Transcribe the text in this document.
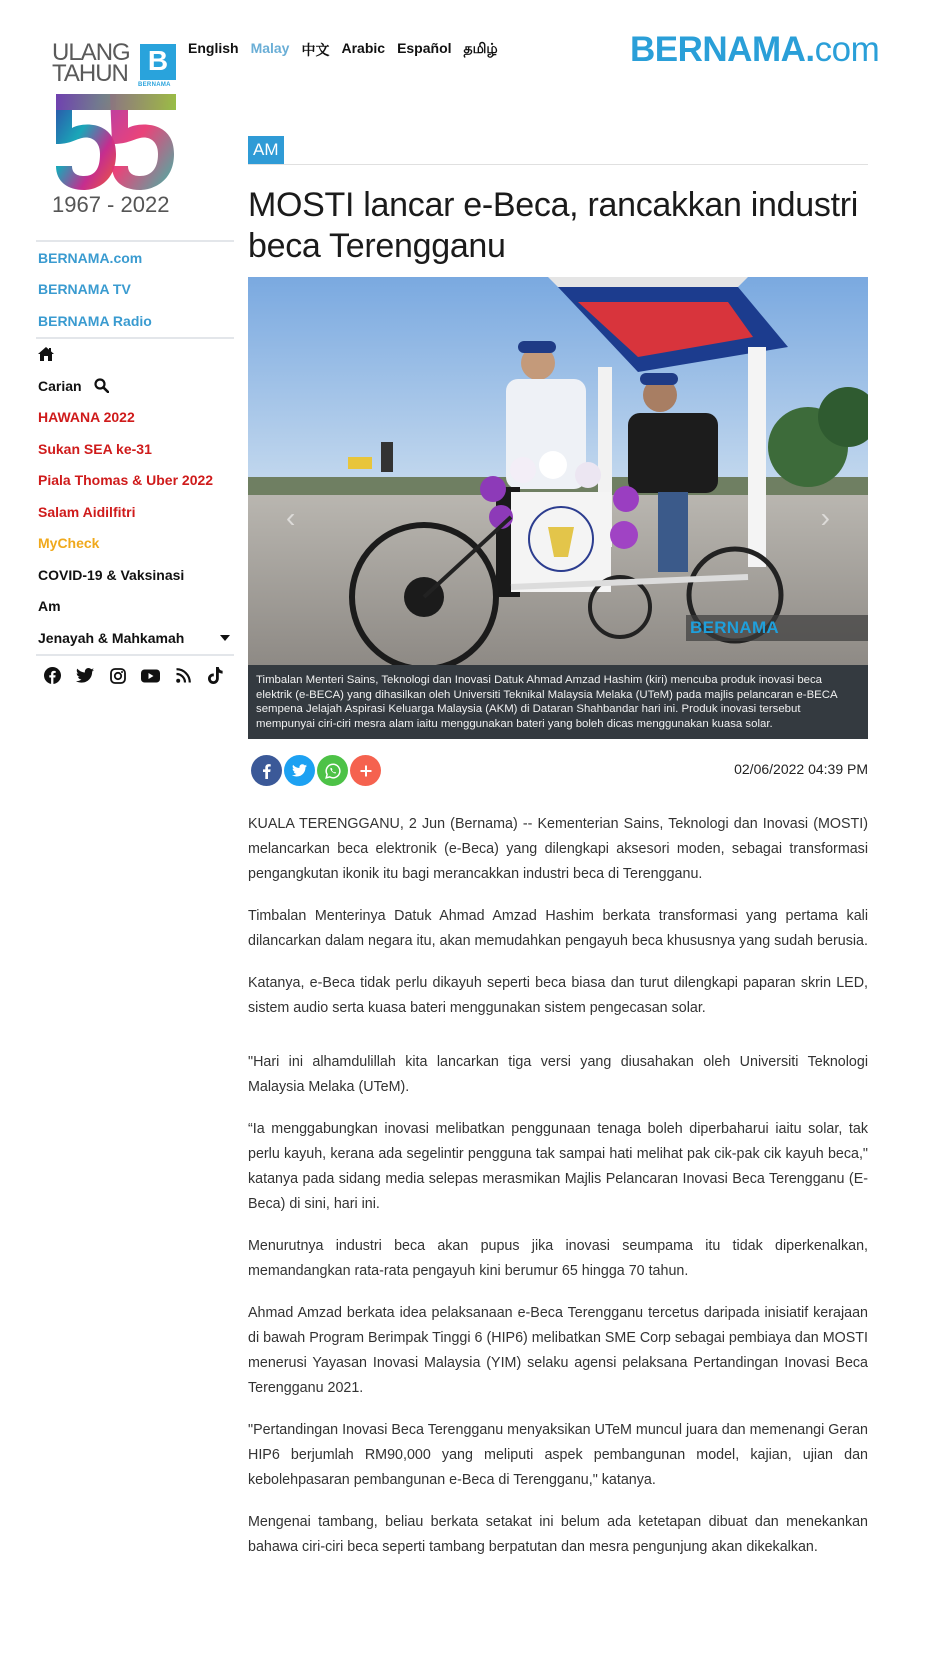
ULANG
TAHUN B
BERNAMA
1967 - 2022
English Malay 中文 Arabic Español தமிழ்	BERNAMA.com
BERNAMA.com
BERNAMA TV
BERNAMA Radio
Carian
HAWANA 2022
Sukan SEA ke-31
Piala Thomas & Uber 2022
Salam Aidilfitri
MyCheck
COVID-19 & Vaksinasi
Am
Jenayah & Mahkamah
AM
MOSTI lancar e-Beca, rancakkan industri beca Terengganu
‹	›
BERNAMA
Timbalan Menteri Sains, Teknologi dan Inovasi Datuk Ahmad Amzad Hashim (kiri) mencuba produk inovasi beca elektrik (e-BECA) yang dihasilkan oleh Universiti Teknikal Malaysia Melaka (UTeM) pada majlis pelancaran e-BECA sempena Jelajah Aspirasi Keluarga Malaysia (AKM) di Dataran Shahbandar hari ini. Produk inovasi tersebut mempunyai ciri-ciri mesra alam iaitu menggunakan bateri yang boleh dicas menggunakan kuasa solar.
02/06/2022 04:39 PM

KUALA TERENGGANU, 2 Jun (Bernama) -- Kementerian Sains, Teknologi dan Inovasi (MOSTI) melancarkan beca elektronik (e-Beca) yang dilengkapi aksesori moden, sebagai transformasi pengangkutan ikonik itu bagi merancakkan industri beca di Terengganu.

Timbalan Menterinya Datuk Ahmad Amzad Hashim berkata transformasi yang pertama kali dilancarkan dalam negara itu, akan memudahkan pengayuh beca khususnya yang sudah berusia.

Katanya, e-Beca tidak perlu dikayuh seperti beca biasa dan turut dilengkapi paparan skrin LED, sistem audio serta kuasa bateri menggunakan sistem pengecasan solar.

"Hari ini alhamdulillah kita lancarkan tiga versi yang diusahakan oleh Universiti Teknologi Malaysia Melaka (UTeM).

“Ia menggabungkan inovasi melibatkan penggunaan tenaga boleh diperbaharui iaitu solar, tak perlu kayuh, kerana ada segelintir pengguna tak sampai hati melihat pak cik-pak cik kayuh beca," katanya pada sidang media selepas merasmikan Majlis Pelancaran Inovasi Beca Terengganu (E-Beca) di sini, hari ini.

Menurutnya industri beca akan pupus jika inovasi seumpama itu tidak diperkenalkan, memandangkan rata-rata pengayuh kini berumur 65 hingga 70 tahun.

Ahmad Amzad berkata idea pelaksanaan e-Beca Terengganu tercetus daripada inisiatif kerajaan di bawah Program Berimpak Tinggi 6 (HIP6) melibatkan SME Corp sebagai pembiaya dan MOSTI menerusi Yayasan Inovasi Malaysia (YIM) selaku agensi pelaksana Pertandingan Inovasi Beca Terengganu 2021.

"Pertandingan Inovasi Beca Terengganu menyaksikan UTeM muncul juara dan memenangi Geran HIP6 berjumlah RM90,000 yang meliputi aspek pembangunan model, kajian, ujian dan kebolehpasaran pembangunan e-Beca di Terengganu," katanya.

Mengenai tambang, beliau berkata setakat ini belum ada ketetapan dibuat dan menekankan bahawa ciri-ciri beca seperti tambang berpatutan dan mesra pengunjung akan dikekalkan.
